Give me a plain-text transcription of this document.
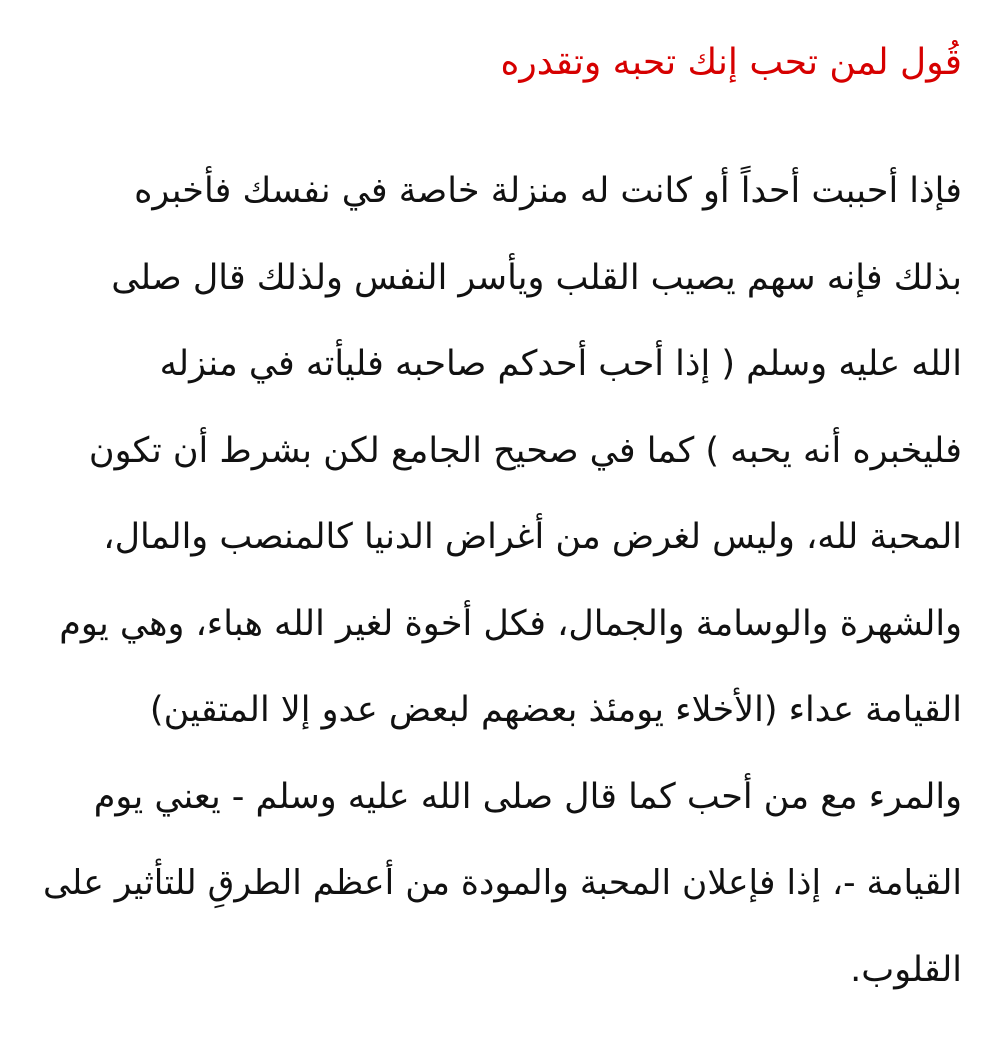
قُول لمن تحب إنك تحبه وتقدره
فإذا أحببت أحداً أو كانت له منزلة خاصة في نفسك فأخبره
بذلك فإنه سهم يصيب القلب ويأسر النفس ولذلك قال صلى
الله عليه وسلم ( إذا أحب أحدكم صاحبه فليأته في منزله
فليخبره أنه يحبه ) كما في صحيح الجامع لكن بشرط أن تكون
المحبة لله، وليس لغرض من أغراض الدنيا كالمنصب والمال،
والشهرة والوسامة والجمال، فكل أخوة لغير الله هباء، وهي يوم
القيامة عداء (الأخلاء يومئذ بعضهم لبعض عدو إلا المتقين)
والمرء مع من أحب كما قال صلى الله عليه وسلم - يعني يوم
القيامة -، إذا فإعلان المحبة والمودة من أعظم الطرقِ للتأثير على
القلوب.
